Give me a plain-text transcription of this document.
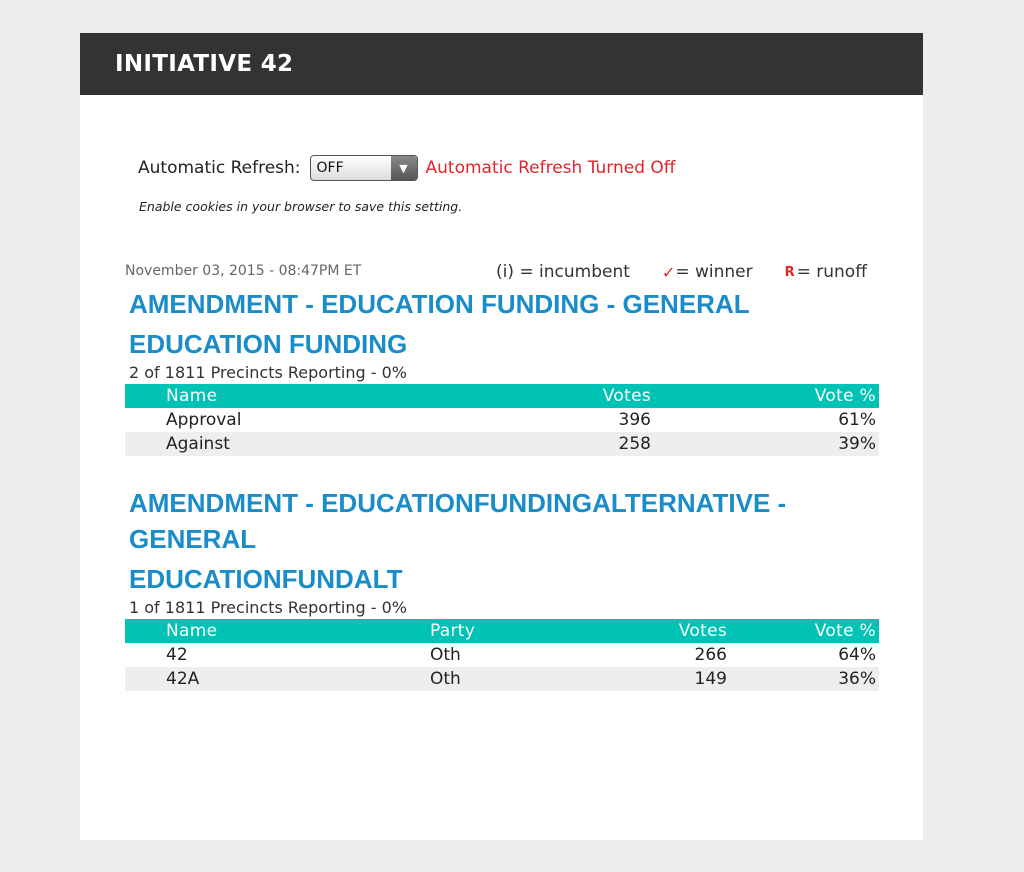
INITIATIVE 42
Automatic Refresh:	OFF	▼	Automatic Refresh Turned Off
Enable cookies in your browser to save this setting.
November 03, 2015 - 08:47PM ET	(i) = incumbent ✓ = winner R = runoff
AMENDMENT - EDUCATION FUNDING - GENERAL
EDUCATION FUNDING
2 of 1811 Precincts Reporting - 0%
Name	Votes	Vote %
Approval	396	61%
Against	258	39%
AMENDMENT - EDUCATIONFUNDINGALTERNATIVE -
GENERAL
EDUCATIONFUNDALT
1 of 1811 Precincts Reporting - 0%
Name	Party	Votes	Vote %
42	Oth	266	64%
42A	Oth	149	36%
